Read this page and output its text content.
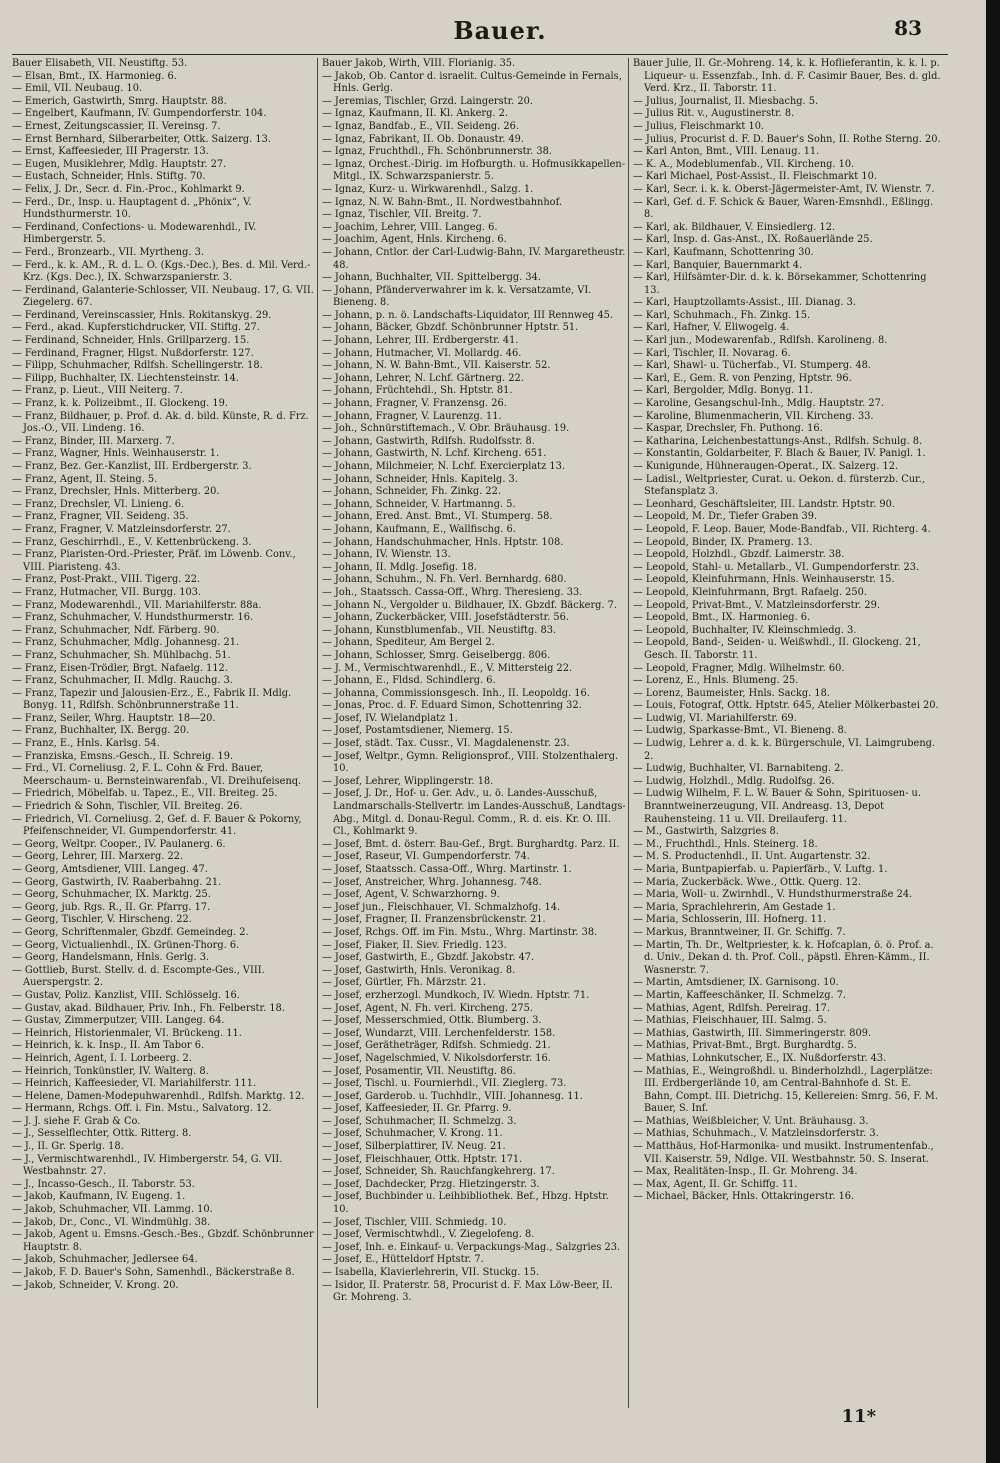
Bauer.	83

Bauer Elisabeth, VII. Neustiftg. 53.

— Elsan, Bmt., IX. Harmonieg. 6.

— Emil, VII. Neubaug. 10.

— Emerich, Gastwirth, Smrg. Hauptstr. 88.

— Engelbert, Kaufmann, IV. Gumpendorferstr. 104.

— Ernest, Zeitungscassier, II. Vereinsg. 7.

— Ernst Bernhard, Silberarbeiter, Ottk. Saizerg. 13.

— Ernst, Kaffeesieder, III Pragerstr. 13.

— Eugen, Musiklehrer, Mdlg. Hauptstr. 27.

— Eustach, Schneider, Hnls. Stiftg. 70.

— Felix, J. Dr., Secr. d. Fin.-Proc., Kohlmarkt 9.

— Ferd., Dr., Insp. u. Hauptagent d. „Phönix“, V. Hundsthurmerstr. 10.

— Ferdinand, Confections- u. Modewarenhdl., IV. Himbergerstr. 5.

— Ferd., Bronzearb., VII. Myrtheng. 3.

— Ferd., k. k. AM., R. d. L. O. (Kgs.-Dec.), Bes. d. Mil. Verd.-Krz. (Kgs. Dec.), IX. Schwarzspanierstr. 3.

— Ferdinand, Galanterie-Schlosser, VII. Neubaug. 17, G. VII. Ziegelerg. 67.

— Ferdinand, Vereinscassier, Hnls. Rokitanskyg. 29.

— Ferd., akad. Kupferstichdrucker, VII. Stiftg. 27.

— Ferdinand, Schneider, Hnls. Grillparzerg. 15.

— Ferdinand, Fragner, Hlgst. Nußdorferstr. 127.

— Filipp, Schuhmacher, Rdlfsh. Schellingerstr. 18.

— Filipp, Buchhalter, IX. Liechtensteinstr. 14.

— Franz, p. Lieut., VIII Neiterg. 7.

— Franz, k. k. Polizeibmt., II. Glockeng. 19.

— Franz, Bildhauer, p. Prof. d. Ak. d. bild. Künste, R. d. Frz. Jos.-O., VII. Lindeng. 16.

— Franz, Binder, III. Marxerg. 7.

— Franz, Wagner, Hnls. Weinhauserstr. 1.

— Franz, Bez. Ger.-Kanzlist, III. Erdbergerstr. 3.

— Franz, Agent, II. Steing. 5.

— Franz, Drechsler, Hnls. Mitterberg. 20.

— Franz, Drechsler, VI. Linieng. 6.

— Franz, Fragner, VII. Seideng. 35.

— Franz, Fragner, V. Matzleinsdorferstr. 27.

— Franz, Geschirrhdl., E., V. Kettenbrückeng. 3.

— Franz, Piaristen-Ord.-Priester, Präf. im Löwenb. Conv., VIII. Piaristeng. 43.

— Franz, Post-Prakt., VIII. Tigerg. 22.

— Franz, Hutmacher, VII. Burgg. 103.

— Franz, Modewarenhdl., VII. Mariahilferstr. 88a.

— Franz, Schuhmacher, V. Hundsthurmerstr. 16.

— Franz, Schuhmacher, Ndf. Färberg. 90.

— Franz, Schuhmacher, Mdlg. Johannesg. 21.

— Franz, Schuhmacher, Sh. Mühlbachg. 51.

— Franz, Eisen-Trödler, Brgt. Nafaelg. 112.

— Franz, Schuhmacher, II. Mdlg. Rauchg. 3.

— Franz, Tapezir und Jalousien-Erz., E., Fabrik II. Mdlg. Bonyg. 11, Rdlfsh. Schönbrunnerstraße 11.

— Franz, Seiler, Whrg. Hauptstr. 18—20.

— Franz, Buchhalter, IX. Bergg. 20.

— Franz, E., Hnls. Karlsg. 54.

— Franziska, Emsns.-Gesch., II. Schreig. 19.

— Frd., VI. Corneliusg. 2, F. L. Cohn & Frd. Bauer, Meerschaum- u. Bernsteinwarenfab., VI. Dreihufeisenq.

— Friedrich, Möbelfab. u. Tapez., E., VII. Breiteg. 25.

— Friedrich & Sohn, Tischler, VII. Breiteg. 26.

— Friedrich, VI. Corneliusg. 2, Gef. d. F. Bauer & Pokorny, Pfeifenschneider, VI. Gumpendorferstr. 41.

— Georg, Weltpr. Cooper., IV. Paulanerg. 6.

— Georg, Lehrer, III. Marxerg. 22.

— Georg, Amtsdiener, VIII. Langeg. 47.

— Georg, Gastwirth, IV. Raaberbahng. 21.

— Georg, Schuhmacher, IX. Marktg. 25.

— Georg, jub. Rgs. R., II. Gr. Pfarrg. 17.

— Georg, Tischler, V. Hirscheng. 22.

— Georg, Schriftenmaler, Gbzdf. Gemeindeg. 2.

— Georg, Victualienhdl., IX. Grünen-Thorg. 6.

— Georg, Handelsmann, Hnls. Gerlg. 3.

— Gottlieb, Burst. Stellv. d. d. Escompte-Ges., VIII. Auerspergstr. 2.

— Gustav, Poliz. Kanzlist, VIII. Schlösselg. 16.

— Gustav, akad. Bildhauer, Priv. Inh., Fh. Felberstr. 18.

— Gustav, Zimmerputzer, VIII. Langeg. 64.

— Heinrich, Historienmaler, VI. Brückeng. 11.

— Heinrich, k. k. Insp., II. Am Tabor 6.

— Heinrich, Agent, I. I. Lorbeerg. 2.

— Heinrich, Tonkünstler, IV. Walterg. 8.

— Heinrich, Kaffeesieder, VI. Mariahilferstr. 111.

— Helene, Damen-Modepuhwarenhdl., Rdlfsh. Marktg. 12.

— Hermann, Rchgs. Off. i. Fin. Mstu., Salvatorg. 12.

— J. J. siehe F. Grab & Co.

— J., Sesselflechter, Ottk. Ritterg. 8.

— J., II. Gr. Sperlg. 18.

— J., Vermischtwarenhdl., IV. Himbergerstr. 54, G. VII. Westbahnstr. 27.

— J., Incasso-Gesch., II. Taborstr. 53.

— Jakob, Kaufmann, IV. Eugeng. 1.

— Jakob, Schuhmacher, VII. Lammg. 10.

— Jakob, Dr., Conc., VI. Windmühlg. 38.

— Jakob, Agent u. Emsns.-Gesch.-Bes., Gbzdf. Schönbrunner Hauptstr. 8.

— Jakob, Schuhmacher, Jedlersee 64.

— Jakob, F. D. Bauer's Sohn, Samenhdl., Bäckerstraße 8.

— Jakob, Schneider, V. Krong. 20.

Bauer Jakob, Wirth, VIII. Florianig. 35.

— Jakob, Ob. Cantor d. israelit. Cultus-Gemeinde in Fernals, Hnls. Gerlg.

— Jeremias, Tischler, Grzd. Laingerstr. 20.

— Ignaz, Kaufmann, II. Kl. Ankerg. 2.

— Ignaz, Bandfab., E., VII. Seideng. 26.

— Ignaz, Fabrikant, II. Ob. Donaustr. 49.

— Ignaz, Fruchthdl., Fh. Schönbrunnerstr. 38.

— Ignaz, Orchest.-Dirig. im Hofburgth. u. Hofmusikkapellen-Mitgl., IX. Schwarzspanierstr. 5.

— Ignaz, Kurz- u. Wirkwarenhdl., Salzg. 1.

— Ignaz, N. W. Bahn-Bmt., II. Nordwestbahnhof.

— Ignaz, Tischler, VII. Breitg. 7.

— Joachim, Lehrer, VIII. Langeg. 6.

— Joachim, Agent, Hnls. Kircheng. 6.

— Johann, Cntlor. der Carl-Ludwig-Bahn, IV. Margaretheustr. 48.

— Johann, Buchhalter, VII. Spittelbergg. 34.

— Johann, Pfänderverwahrer im k. k. Versatzamte, VI. Bieneng. 8.

— Johann, p. n. ö. Landschafts-Liquidator, III Rennweg 45.

— Johann, Bäcker, Gbzdf. Schönbrunner Hptstr. 51.

— Johann, Lehrer, III. Erdbergerstr. 41.

— Johann, Hutmacher, VI. Mollardg. 46.

— Johann, N. W. Bahn-Bmt., VII. Kaiserstr. 52.

— Johann, Lehrer, N. Lchf. Gärtnerg. 22.

— Johann, Früchtehdl., Sh. Hptstr. 81.

— Johann, Fragner, V. Franzensg. 26.

— Johann, Fragner, V. Laurenzg. 11.

— Joh., Schnürstiftemach., V. Obr. Bräuhausg. 19.

— Johann, Gastwirth, Rdlfsh. Rudolfsstr. 8.

— Johann, Gastwirth, N. Lchf. Kircheng. 651.

— Johann, Milchmeier, N. Lchf. Exercierplatz 13.

— Johann, Schneider, Hnls. Kapitelg. 3.

— Johann, Schneider, Fh. Zinkg. 22.

— Johann, Schneider, V. Hartmanng. 5.

— Johann, Ered. Anst. Bmt., VI. Stumperg. 58.

— Johann, Kaufmann, E., Wallfischg. 6.

— Johann, Handschuhmacher, Hnls. Hptstr. 108.

— Johann, IV. Wienstr. 13.

— Johann, II. Mdlg. Josefig. 18.

— Johann, Schuhm., N. Fh. Verl. Bernhardg. 680.

— Joh., Staatssch. Cassa-Off., Whrg. Theresieng. 33.

— Johann N., Vergolder u. Bildhauer, IX. Gbzdf. Bäckerg. 7.

— Johann, Zuckerbäcker, VIII. Josefstädterstr. 56.

— Johann, Kunstblumenfab., VII. Neustiftg. 83.

— Johann, Spediteur, Am Bergel 2.

— Johann, Schlosser, Smrg. Geiselbergg. 806.

— J. M., Vermischtwarenhdl., E., V. Mittersteig 22.

— Johann, E., Fldsd. Schindlerg. 6.

— Johanna, Commissionsgesch. Inh., II. Leopoldg. 16.

— Jonas, Proc. d. F. Eduard Simon, Schottenring 32.

— Josef, IV. Wielandplatz 1.

— Josef, Postamtsdiener, Niemerg. 15.

— Josef, städt. Tax. Cussr., VI. Magdalenenstr. 23.

— Josef, Weltpr., Gymn. Religionsprof., VIII. Stolzenthalerg. 10.

— Josef, Lehrer, Wipplingerstr. 18.

— Josef, J. Dr., Hof- u. Ger. Adv., u. ö. Landes-Ausschuß, Landmarschalls-Stellvertr. im Landes-Ausschuß, Landtags-Abg., Mitgl. d. Donau-Regul. Comm., R. d. eis. Kr. O. III. Cl., Kohlmarkt 9.

— Josef, Bmt. d. österr. Bau-Gef., Brgt. Burghardtg. Parz. II.

— Josef, Raseur, VI. Gumpendorferstr. 74.

— Josef, Staatssch. Cassa-Off., Whrg. Martinstr. 1.

— Josef, Anstreicher, Whrg. Johannesg. 748.

— Josef, Agent, V. Schwarzhorng. 9.

— Josef jun., Fleischhauer, VI. Schmalzhofg. 14.

— Josef, Fragner, II. Franzensbrückenstr. 21.

— Josef, Rchgs. Off. im Fin. Mstu., Whrg. Martinstr. 38.

— Josef, Fiaker, II. Siev. Friedlg. 123.

— Josef, Gastwirth, E., Gbzdf. Jakobstr. 47.

— Josef, Gastwirth, Hnls. Veronikag. 8.

— Josef, Gürtler, Fh. Märzstr. 21.

— Josef, erzherzogl. Mundkoch, IV. Wiedn. Hptstr. 71.

— Josef, Agent, N. Fh. verl. Kircheng. 275.

— Josef, Messerschmied, Ottk. Blumberg. 3.

— Josef, Wundarzt, VIII. Lerchenfelderstr. 158.

— Josef, Gerätheträger, Rdlfsh. Schmiedg. 21.

— Josef, Nagelschmied, V. Nikolsdorferstr. 16.

— Josef, Posamentir, VII. Neustiftg. 86.

— Josef, Tischl. u. Fournierhdl., VII. Zieglerg. 73.

— Josef, Garderob. u. Tuchhdlr., VIII. Johannesg. 11.

— Josef, Kaffeesieder, II. Gr. Pfarrg. 9.

— Josef, Schuhmacher, II. Schmelzg. 3.

— Josef, Schuhmacher, V. Krong. 11.

— Josef, Silberplattirer, IV. Neug. 21.

— Josef, Fleischhauer, Ottk. Hptstr. 171.

— Josef, Schneider, Sh. Rauchfangkehrerg. 17.

— Josef, Dachdecker, Przg. Hietzingerstr. 3.

— Josef, Buchbinder u. Leihbibliothek. Bef., Hbzg. Hptstr. 10.

— Josef, Tischler, VIII. Schmiedg. 10.

— Josef, Vermischtwhdl., V. Ziegelofeng. 8.

— Josef, Inh. e. Einkauf- u. Verpackungs-Mag., Salzgries 23.

— Josef, E., Hütteldorf Hptstr. 7.

— Isabella, Klavierlehrerin, VII. Stuckg. 15.

— Isidor, II. Praterstr. 58, Procurist d. F. Max Löw-Beer, II. Gr. Mohreng. 3.

Bauer Julie, II. Gr.-Mohreng. 14, k. k. Hoflieferantin, k. k. l. p. Liqueur- u. Essenzfab., Inh. d. F. Casimir Bauer, Bes. d. gld. Verd. Krz., II. Taborstr. 11.

— Julius, Journalist, II. Miesbachg. 5.

— Julius Rit. v., Augustinerstr. 8.

— Julius, Fleischmarkt 10.

— Julius, Procurist d. F. D. Bauer's Sohn, II. Rothe Sterng. 20.

— Karl Anton, Bmt., VIII. Lenaug. 11.

— K. A., Modeblumenfab., VII. Kircheng. 10.

— Karl Michael, Post-Assist., II. Fleischmarkt 10.

— Karl, Secr. i. k. k. Oberst-Jägermeister-Amt, IV. Wienstr. 7.

— Karl, Gef. d. F. Schick & Bauer, Waren-Emsnhdl., Eßlingg. 8.

— Karl, ak. Bildhauer, V. Einsiedlerg. 12.

— Karl, Insp. d. Gas-Anst., IX. Roßauerlände 25.

— Karl, Kaufmann, Schottenring 30.

— Karl, Banquier, Bauernmarkt 4.

— Karl, Hilfsämter-Dir. d. k. k. Börsekammer, Schottenring 13.

— Karl, Hauptzollamts-Assist., III. Dianag. 3.

— Karl, Schuhmach., Fh. Zinkg. 15.

— Karl, Hafner, V. Eliwogelg. 4.

— Karl jun., Modewarenfab., Rdlfsh. Karolineng. 8.

— Karl, Tischler, II. Novarag. 6.

— Karl, Shawl- u. Tücherfab., VI. Stumperg. 48.

— Karl, E., Gem. R. von Penzing, Hptstr. 96.

— Karl, Bergolder, Mdlg. Bonyg. 11.

— Karoline, Gesangschul-Inh., Mdlg. Hauptstr. 27.

— Karoline, Blumenmacherin, VII. Kircheng. 33.

— Kaspar, Drechsler, Fh. Puthong. 16.

— Katharina, Leichenbestattungs-Anst., Rdlfsh. Schulg. 8.

— Konstantin, Goldarbeiter, F. Blach & Bauer, IV. Panigl. 1.

— Kunigunde, Hühneraugen-Operat., IX. Salzerg. 12.

— Ladisl., Weltpriester, Curat. u. Oekon. d. fürsterzb. Cur., Stefansplatz 3.

— Leonhard, Geschäftsleiter, III. Landstr. Hptstr. 90.

— Leopold, M. Dr., Tiefer Graben 39.

— Leopold, F. Leop. Bauer, Mode-Bandfab., VII. Richterg. 4.

— Leopold, Binder, IX. Pramerg. 13.

— Leopold, Holzhdl., Gbzdf. Laimerstr. 38.

— Leopold, Stahl- u. Metallarb., VI. Gumpendorferstr. 23.

— Leopold, Kleinfuhrmann, Hnls. Weinhauserstr. 15.

— Leopold, Kleinfuhrmann, Brgt. Rafaelg. 250.

— Leopold, Privat-Bmt., V. Matzleinsdorferstr. 29.

— Leopold, Bmt., IX. Harmonieg. 6.

— Leopold, Buchhalter, IV. Kleinschmiedg. 3.

— Leopold, Band-, Seiden- u. Weißwhdl., II. Glockeng. 21, Gesch. II. Taborstr. 11.

— Leopold, Fragner, Mdlg. Wilhelmstr. 60.

— Lorenz, E., Hnls. Blumeng. 25.

— Lorenz, Baumeister, Hnls. Sackg. 18.

— Louis, Fotograf, Ottk. Hptstr. 645, Atelier Mölkerbastei 20.

— Ludwig, VI. Mariahilferstr. 69.

— Ludwig, Sparkasse-Bmt., VI. Bieneng. 8.

— Ludwig, Lehrer a. d. k. k. Bürgerschule, VI. Laimgrubeng. 2.

— Ludwig, Buchhalter, VI. Barnabiteng. 2.

— Ludwig, Holzhdl., Mdlg. Rudolfsg. 26.

— Ludwig Wilhelm, F. L. W. Bauer & Sohn, Spirituosen- u. Branntweinerzeugung, VII. Andreasg. 13, Depot Rauhensteing. 11 u. VII. Dreilauferg. 11.

— M., Gastwirth, Salzgries 8.

— M., Fruchthdl., Hnls. Steinerg. 18.

— M. S. Productenhdl., II. Unt. Augartenstr. 32.

— Maria, Buntpapierfab. u. Papierfärb., V. Luftg. 1.

— Maria, Zuckerbäck. Wwe., Ottk. Querg. 12.

— Maria, Woll- u. Zwirnhdl., V. Hundsthurmerstraße 24.

— Maria, Sprachlehrerin, Am Gestade 1.

— Maria, Schlosserin, III. Hofnerg. 11.

— Markus, Branntweiner, II. Gr. Schiffg. 7.

— Martin, Th. Dr., Weltpriester, k. k. Hofcaplan, ö. ö. Prof. a. d. Univ., Dekan d. th. Prof. Coll., päpstl. Ehren-Kämm., II. Wasnerstr. 7.

— Martin, Amtsdiener, IX. Garnisong. 10.

— Martin, Kaffeeschänker, II. Schmelzg. 7.

— Mathias, Agent, Rdlfsh. Pereirag. 17.

— Mathias, Fleischhauer, III. Salmg. 5.

— Mathias, Gastwirth, III. Simmeringerstr. 809.

— Mathias, Privat-Bmt., Brgt. Burghardtg. 5.

— Mathias, Lohnkutscher, E., IX. Nußdorferstr. 43.

— Mathias, E., Weingroßhdl. u. Binderholzhdl., Lagerplätze: III. Erdbergerlände 10, am Central-Bahnhofe d. St. E. Bahn, Compt. III. Dietrichg. 15, Kellereien: Smrg. 56, F. M. Bauer, S. Inf.

— Mathias, Weißbleicher, V. Unt. Bräuhausg. 3.

— Mathias, Schuhmach., V. Matzleinsdorferstr. 3.

— Matthäus, Hof-Harmonika- und musikt. Instrumentenfab., VII. Kaiserstr. 59, Ndlge. VII. Westbahnstr. 50. S. Inserat.

— Max, Realitäten-Insp., II. Gr. Mohreng. 34.

— Max, Agent, II. Gr. Schiffg. 11.

— Michael, Bäcker, Hnls. Ottakringerstr. 16.

11*
